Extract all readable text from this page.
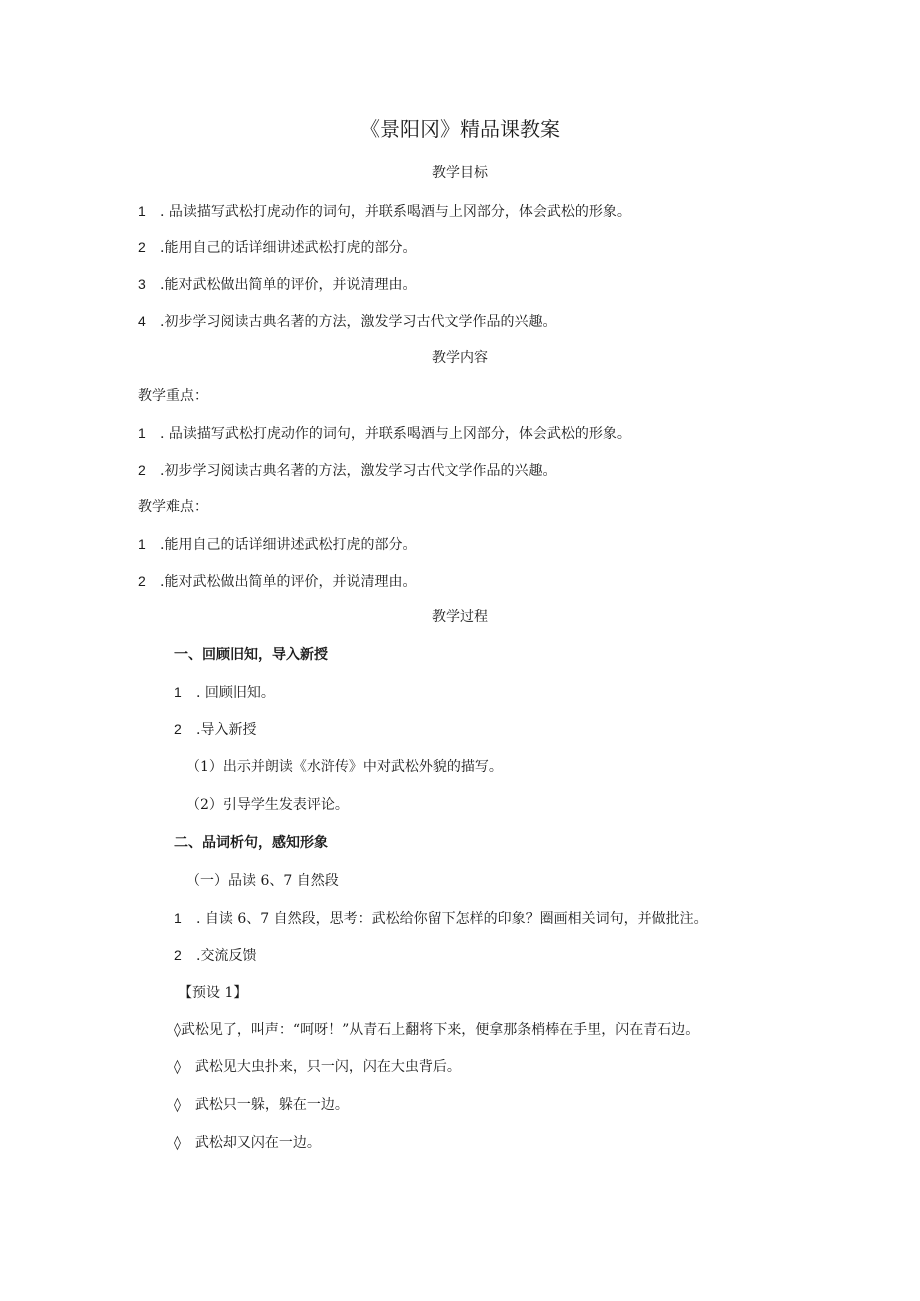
《景阳冈》精品课教案
教学目标
1 . 品读描写武松打虎动作的词句，并联系喝酒与上冈部分，体会武松的形象。
2 .能用自己的话详细讲述武松打虎的部分。
3 .能对武松做出简单的评价，并说清理由。
4 .初步学习阅读古典名著的方法，激发学习古代文学作品的兴趣。
教学内容
教学重点：
1 . 品读描写武松打虎动作的词句，并联系喝酒与上冈部分，体会武松的形象。
2 .初步学习阅读古典名著的方法，激发学习古代文学作品的兴趣。
教学难点：
1 .能用自己的话详细讲述武松打虎的部分。
2 .能对武松做出简单的评价，并说清理由。
教学过程
一、回顾旧知，导入新授
1 . 回顾旧知。
2 .导入新授
（1）出示并朗读《水浒传》中对武松外貌的描写。
（2）引导学生发表评论。
二、品词析句，感知形象
（一）品读 6、7 自然段
1 . 自读 6、7 自然段，思考：武松给你留下怎样的印象？圈画相关词句，并做批注。
2 .交流反馈
【预设 1】
◊武松见了，叫声：“呵呀！”从青石上翻将下来，便拿那条梢棒在手里，闪在青石边。
◊　武松见大虫扑来，只一闪，闪在大虫背后。
◊　武松只一躲，躲在一边。
◊　武松却又闪在一边。
